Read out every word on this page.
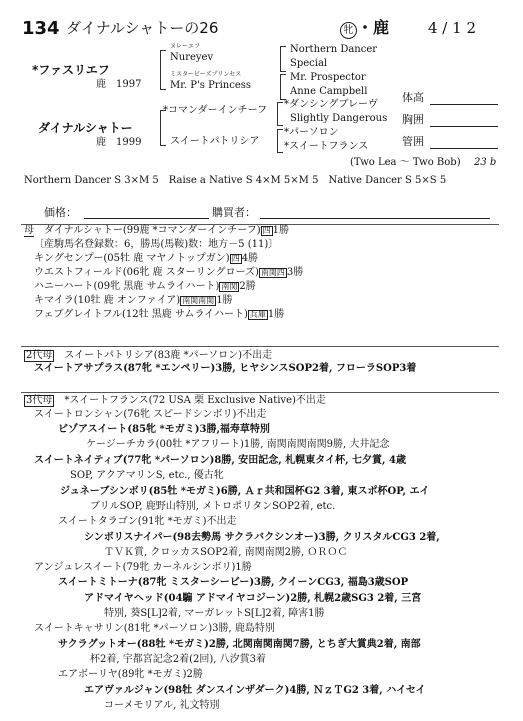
134 ダイナルシャトーの26	牝 ・鹿	4 / 1 2
*ファスリエフ
鹿　1997
ヌレーエフ
Nureyev
ミスタービーズプリンセス
Mr. P's Princess
Northern Dancer
Special
Mr. Prospector
Anne Campbell
ダイナルシャトー
鹿　1999
*コマンダーインチーフ
スイートパトリシア
*ダンシングブレーヴ
Slightly Dangerous
*パーソロン
*スイートフランス
体高
胸囲
管囲
(Two Lea 〜 Two Bob) 23 b
Northern Dancer S 3×M 5　Raise a Native S 4×M 5×M 5　Native Dancer S 5×S 5
価格：	購買者：
母　 ダイナルシャトー(99鹿 *コマンダーインチーフ) 四 1勝
〔産駒馬名登録数：6，勝馬(馬鞍)数：地方－5 (11)〕
キングセンプー(05牡 鹿 マヤノトップガン) 四 4勝
ウエストフィールド(06牝 鹿 スターリングローズ) 南関四 3勝
ハニーハート(09牝 黒鹿 サムライハート) 南関 2勝
キマイラ(10牡 鹿 オンファイア) 南関南関 1勝
フェブグレイトフル(12牡 黒鹿 サムライハート) 兵庫 1勝
2代母　 スイートパトリシア(83鹿 *パーソロン)不出走
スイートアサプラス(87牝 *エンペリー)3勝, ヒヤシンスSOP2着, フローラSOP3着
3代母　 *スイートフランス(72 USA 栗 Exclusive Native)不出走
スイートロンシャン(76牝 スピードシンボリ)不出走
ビゾアスイート(85牝 *モガミ)3勝,福寿草特別
ケージーチカラ(00牡 *アフリート)1勝, 南関南関南関9勝, 大井記念
スイートネイティブ(77牝 *パーソロン)8勝, 安田記念, 札幌東タイ杯, 七夕賞, 4歳
SOP, アクアマリンS, etc., 優古牝
ジュネーブシンボリ(85牡 *モガミ)6勝, Ａｒ共和国杯G2 3着, 東スポ杯OP, エイ
ブリルSOP, 鹿野山特別, メトロポリタンSOP2着, etc.
スイートタラゴン(91牝 *モガミ)不出走
シンボリスナイパー(98去勢馬 サクラバクシンオー)3勝, クリスタルCG3 2着,
ＴＶＫ賞, クロッカスSOP2着, 南関南関2勝, ＯＲＯＣ
アンジュレスイート(79牝 カーネルシンボリ)1勝
スイートミトーナ(87牝 ミスターシービー)3勝, クイーンCG3, 福島3歳SOP
アドマイヤヘッド(04騸 アドマイヤコジーン)2勝, 札幌2歳SG3 2着, 三宮
特別, 葵S[L]2着, マーガレットS[L]2着, 障害1勝
スイートキャサリン(81牝 *パーソロン)3勝, 鹿島特別
サクラグットオー(88牡 *モガミ)2勝, 北関南関南関7勝, とちぎ大賞典2着, 南部
杯2着, 宇都宮記念2着(2回), 八汐賞3着
エアボーリヤ(89牝 *モガミ)2勝
エアヴァルジャン(98牡 ダンスインザダーク)4勝, ＮｚＴG2 3着, ハイセイ
コーメモリアル, 礼文特別
